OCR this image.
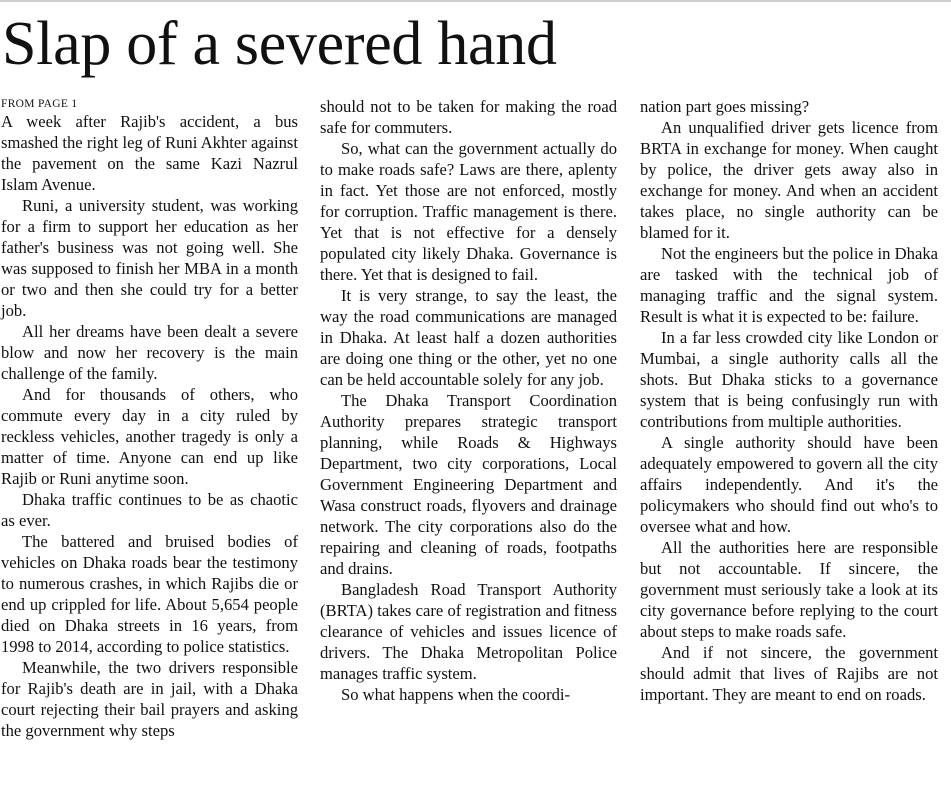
Slap of a severed hand
FROM PAGE 1

A week after Rajib's accident, a bus smashed the right leg of Runi Akhter against the pavement on the same Kazi Nazrul Islam Avenue.

Runi, a university student, was working for a firm to support her education as her father's business was not going well. She was supposed to finish her MBA in a month or two and then she could try for a better job.

All her dreams have been dealt a severe blow and now her recovery is the main challenge of the family.

And for thousands of others, who commute every day in a city ruled by reckless vehicles, another tragedy is only a matter of time. Anyone can end up like Rajib or Runi anytime soon.

Dhaka traffic continues to be as chaotic as ever.

The battered and bruised bodies of vehicles on Dhaka roads bear the testimony to numerous crashes, in which Rajibs die or end up crippled for life. About 5,654 people died on Dhaka streets in 16 years, from 1998 to 2014, according to police statistics.

Meanwhile, the two drivers responsible for Rajib's death are in jail, with a Dhaka court rejecting their bail prayers and asking the government why steps

should not to be taken for making the road safe for commuters.

So, what can the government actually do to make roads safe? Laws are there, aplenty in fact. Yet those are not enforced, mostly for corruption. Traffic management is there. Yet that is not effective for a densely populated city likely Dhaka. Governance is there. Yet that is designed to fail.

It is very strange, to say the least, the way the road communications are managed in Dhaka. At least half a dozen authorities are doing one thing or the other, yet no one can be held accountable solely for any job.

The Dhaka Transport Coordination Authority prepares strategic transport planning, while Roads & Highways Department, two city corporations, Local Government Engineering Department and Wasa construct roads, flyovers and drainage network. The city corporations also do the repairing and cleaning of roads, footpaths and drains.

Bangladesh Road Transport Authority (BRTA) takes care of registration and fitness clearance of vehicles and issues licence of drivers. The Dhaka Metropolitan Police manages traffic system.

So what happens when the coordi-

nation part goes missing?

An unqualified driver gets licence from BRTA in exchange for money. When caught by police, the driver gets away also in exchange for money. And when an accident takes place, no single authority can be blamed for it.

Not the engineers but the police in Dhaka are tasked with the technical job of managing traffic and the signal system. Result is what it is expected to be: failure.

In a far less crowded city like London or Mumbai, a single authority calls all the shots. But Dhaka sticks to a governance system that is being confusingly run with contributions from multiple authorities.

A single authority should have been adequately empowered to govern all the city affairs independently. And it's the policymakers who should find out who's to oversee what and how.

All the authorities here are responsible but not accountable. If sincere, the government must seriously take a look at its city governance before replying to the court about steps to make roads safe.

And if not sincere, the government should admit that lives of Rajibs are not important. They are meant to end on roads.
